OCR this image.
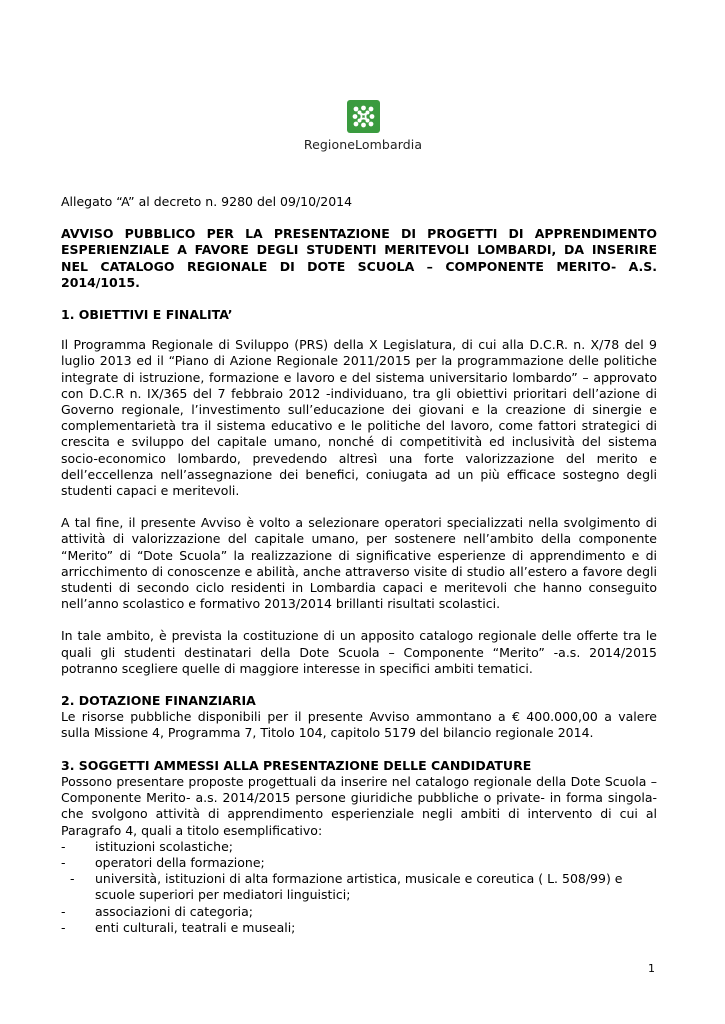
RegioneLombardia

Allegato “A” al decreto n. 9280 del 09/10/2014

AVVISO PUBBLICO PER LA PRESENTAZIONE DI PROGETTI DI APPRENDIMENTO ESPERIENZIALE A FAVORE DEGLI STUDENTI MERITEVOLI LOMBARDI, DA INSERIRE NEL CATALOGO REGIONALE DI DOTE SCUOLA – COMPONENTE MERITO- A.S. 2014/1015.

1. OBIETTIVI E FINALITA’

Il Programma Regionale di Sviluppo (PRS) della X Legislatura, di cui alla D.C.R. n. X/78 del 9 luglio 2013 ed il “Piano di Azione Regionale 2011/2015 per la programmazione delle politiche integrate di istruzione, formazione e lavoro e del sistema universitario lombardo” – approvato con D.C.R n. IX/365 del 7 febbraio 2012 -individuano, tra gli obiettivi prioritari dell’azione di Governo regionale, l’investimento sull’educazione dei giovani e la creazione di sinergie e complementarietà tra il sistema educativo e le politiche del lavoro, come fattori strategici di crescita e sviluppo del capitale umano, nonché di competitività ed inclusività del sistema socio-economico lombardo, prevedendo altresì una forte valorizzazione del merito e dell’eccellenza nell’assegnazione dei benefici, coniugata ad un più efficace sostegno degli studenti capaci e meritevoli.

A tal fine, il presente Avviso è volto a selezionare operatori specializzati nella svolgimento di attività di valorizzazione del capitale umano, per sostenere nell’ambito della componente “Merito” di “Dote Scuola” la realizzazione di significative esperienze di apprendimento e di arricchimento di conoscenze e abilità, anche attraverso visite di studio all’estero a favore degli studenti di secondo ciclo residenti in Lombardia capaci e meritevoli che hanno conseguito nell’anno scolastico e formativo 2013/2014 brillanti risultati scolastici.

In tale ambito, è prevista la costituzione di un apposito catalogo regionale delle offerte tra le quali gli studenti destinatari della Dote Scuola – Componente “Merito” -a.s. 2014/2015 potranno scegliere quelle di maggiore interesse in specifici ambiti tematici.

2. DOTAZIONE FINANZIARIA

Le risorse pubbliche disponibili per il presente Avviso ammontano a € 400.000,00 a valere sulla Missione 4, Programma 7, Titolo 104, capitolo 5179 del bilancio regionale 2014.

3. SOGGETTI AMMESSI ALLA PRESENTAZIONE DELLE CANDIDATURE

Possono presentare proposte progettuali da inserire nel catalogo regionale della Dote Scuola –Componente Merito- a.s. 2014/2015 persone giuridiche pubbliche o private- in forma singola- che svolgono attività di apprendimento esperienziale negli ambiti di intervento di cui al Paragrafo 4, quali a titolo esemplificativo:

- istituzioni scolastiche;
- operatori della formazione;
- università, istituzioni di alta formazione artistica, musicale e coreutica ( L. 508/99) e scuole superiori per mediatori linguistici;
- associazioni di categoria;
- enti culturali, teatrali e museali;
1
